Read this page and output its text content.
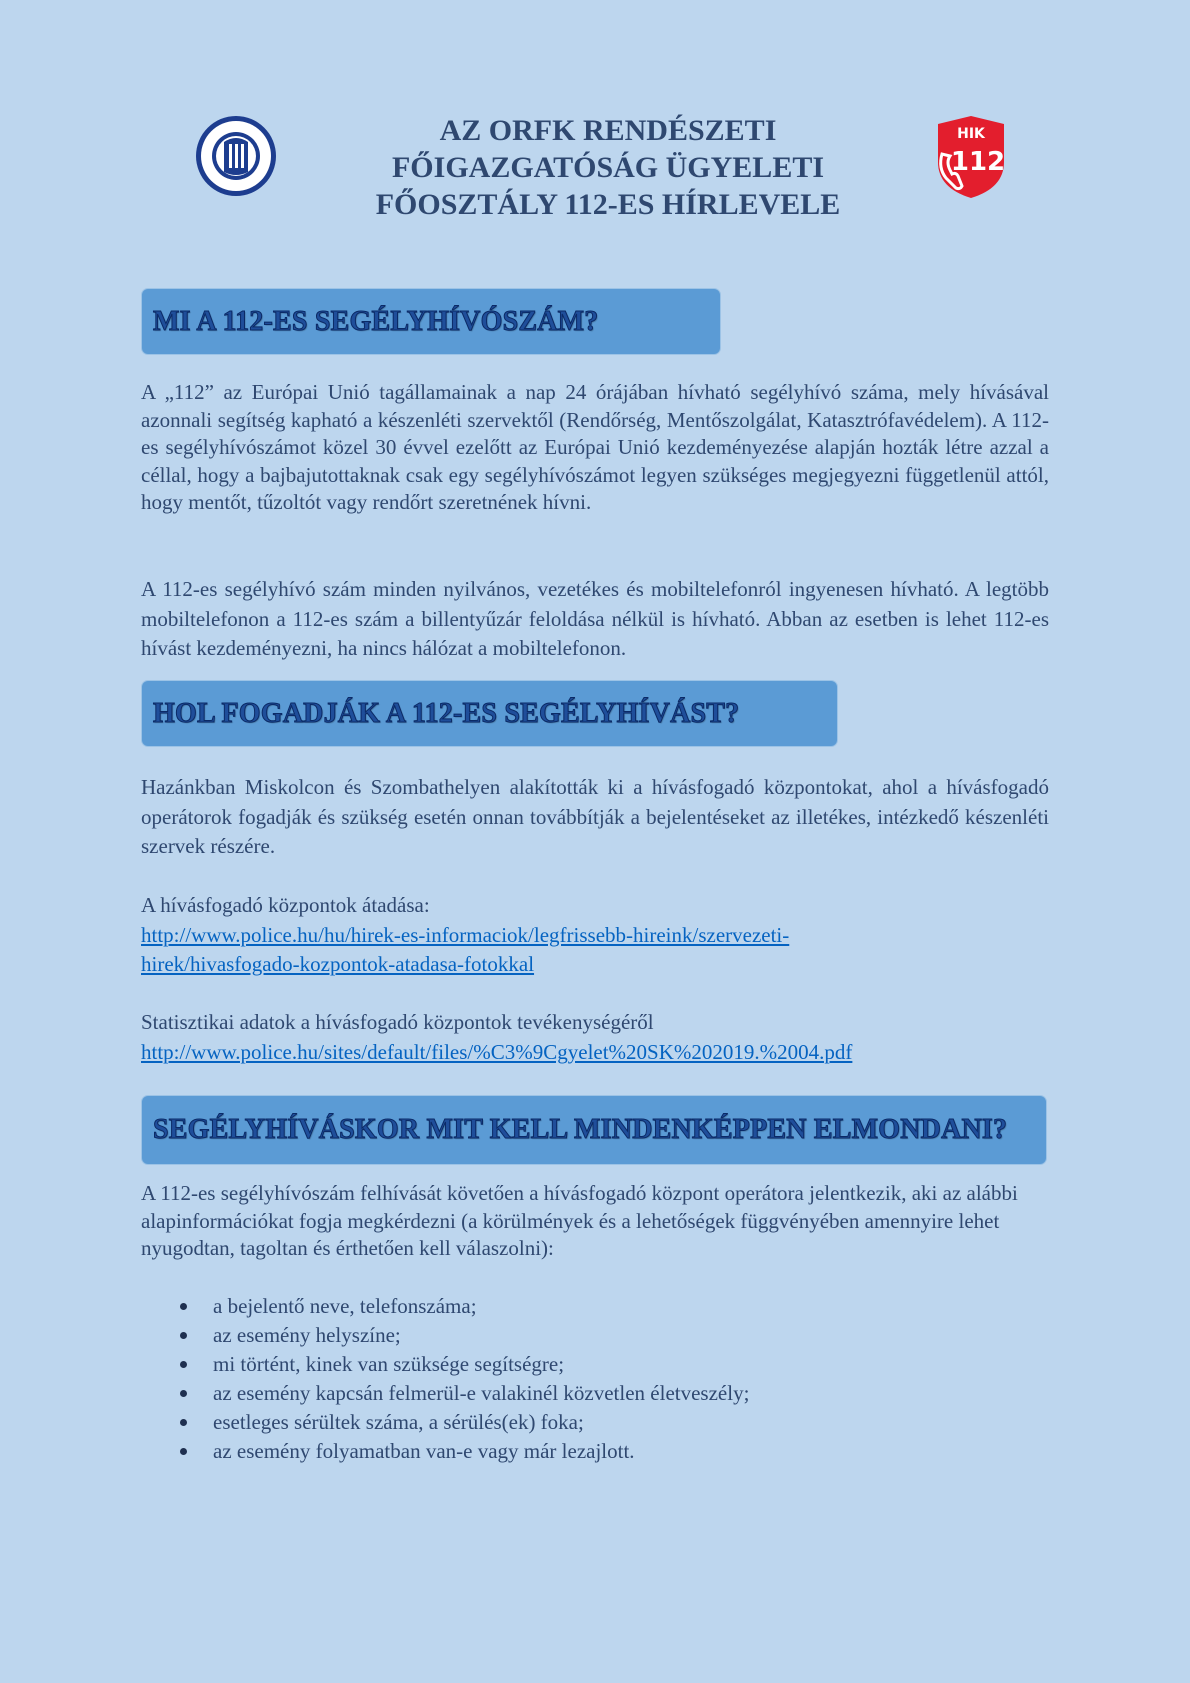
AZ ORFK RENDÉSZETI
FŐIGAZGATÓSÁG ÜGYELETI
FŐOSZTÁLY 112-ES HÍRLEVELE
HIK
112
MI A 112-ES SEGÉLYHÍVÓSZÁM?

A „112” az Európai Unió tagállamainak a nap 24 órájában hívható segélyhívó száma, mely hívásával azonnali segítség kapható a készenléti szervektől (Rendőrség, Mentőszolgálat, Katasztrófavédelem). A 112-es segélyhívószámot közel 30 évvel ezelőtt az Európai Unió kezdeményezése alapján hozták létre azzal a céllal, hogy a bajbajutottaknak csak egy segélyhívószámot legyen szükséges megjegyezni függetlenül attól, hogy mentőt, tűzoltót vagy rendőrt szeretnének hívni.

A 112-es segélyhívó szám minden nyilvános, vezetékes és mobiltelefonról ingyenesen hívható. A legtöbb mobiltelefonon a 112-es szám a billentyűzár feloldása nélkül is hívható. Abban az esetben is lehet 112-es hívást kezdeményezni, ha nincs hálózat a mobiltelefonon.

HOL FOGADJÁK A 112-ES SEGÉLYHÍVÁST?

Hazánkban Miskolcon és Szombathelyen alakították ki a hívásfogadó központokat, ahol a hívásfogadó operátorok fogadják és szükség esetén onnan továbbítják a bejelentéseket az illetékes, intézkedő készenléti szervek részére.

A hívásfogadó központok átadása:
http://www.police.hu/hu/hirek-es-informaciok/legfrissebb-hireink/szervezeti-
hirek/hivasfogado-kozpontok-atadasa-fotokkal

Statisztikai adatok a hívásfogadó központok tevékenységéről
http://www.police.hu/sites/default/files/%C3%9Cgyelet%20SK%202019.%2004.pdf

SEGÉLYHÍVÁSKOR MIT KELL MINDENKÉPPEN ELMONDANI?

A 112-es segélyhívószám felhívását követően a hívásfogadó központ operátora jelentkezik, aki az alábbi alapinformációkat fogja megkérdezni (a körülmények és a lehetőségek függvényében amennyire lehet nyugodtan, tagoltan és érthetően kell válaszolni):

a bejelentő neve, telefonszáma;
az esemény helyszíne;
mi történt, kinek van szüksége segítségre;
az esemény kapcsán felmerül-e valakinél közvetlen életveszély;
esetleges sérültek száma, a sérülés(ek) foka;
az esemény folyamatban van-e vagy már lezajlott.
